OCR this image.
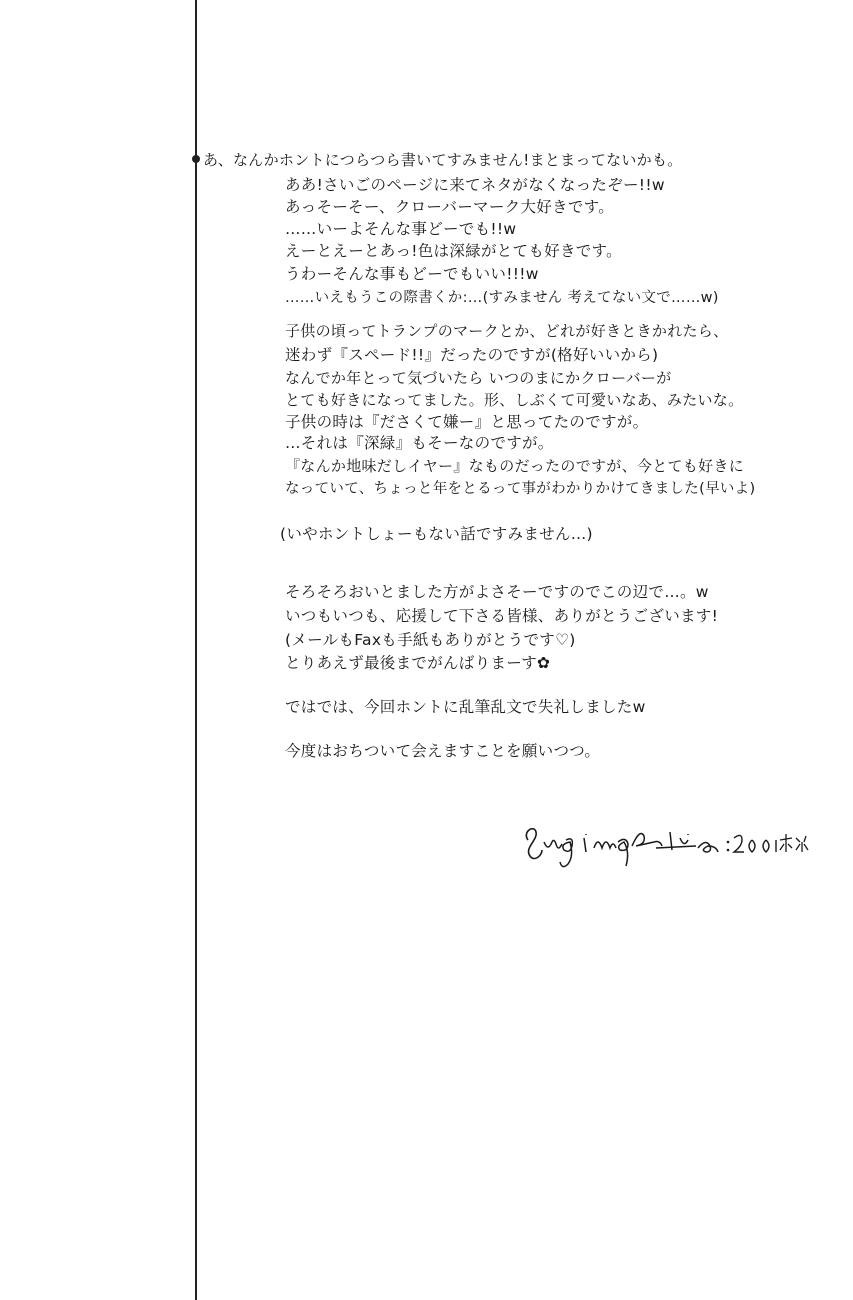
あ、なんかホントにつらつら書いてすみません!まとまってないかも。
ああ!さいごのページに来てネタがなくなったぞー!!w
あっそーそー、クローバーマーク大好きです。
……いーよそんな事どーでも!!w
えーとえーとあっ!色は深緑がとても好きです。
うわーそんな事もどーでもいい!!!w
……いえもうこの際書くか:…(すみません 考えてない文で……w)
子供の頃ってトランプのマークとか、どれが好きときかれたら、
迷わず『スペード!!』だったのですが(格好いいから)
なんでか年とって気づいたら いつのまにかクローバーが
とても好きになってました。形、しぶくて可愛いなあ、みたいな。
子供の時は『ださくて嫌ー』と思ってたのですが。
…それは『深緑』もそーなのですが。
『なんか地味だしイヤー』なものだったのですが、今とても好きに
なっていて、ちょっと年をとるって事がわかりかけてきました(早いよ)
(いやホントしょーもない話ですみません…)
そろそろおいとました方がよさそーですのでこの辺で…。w
いつもいつも、応援して下さる皆様、ありがとうございます!
(メールもFaxも手紙もありがとうです♡)
とりあえず最後までがんばりまーす✿
ではでは、今回ホントに乱筆乱文で失礼しましたw
今度はおちついて会えますことを願いつつ。
